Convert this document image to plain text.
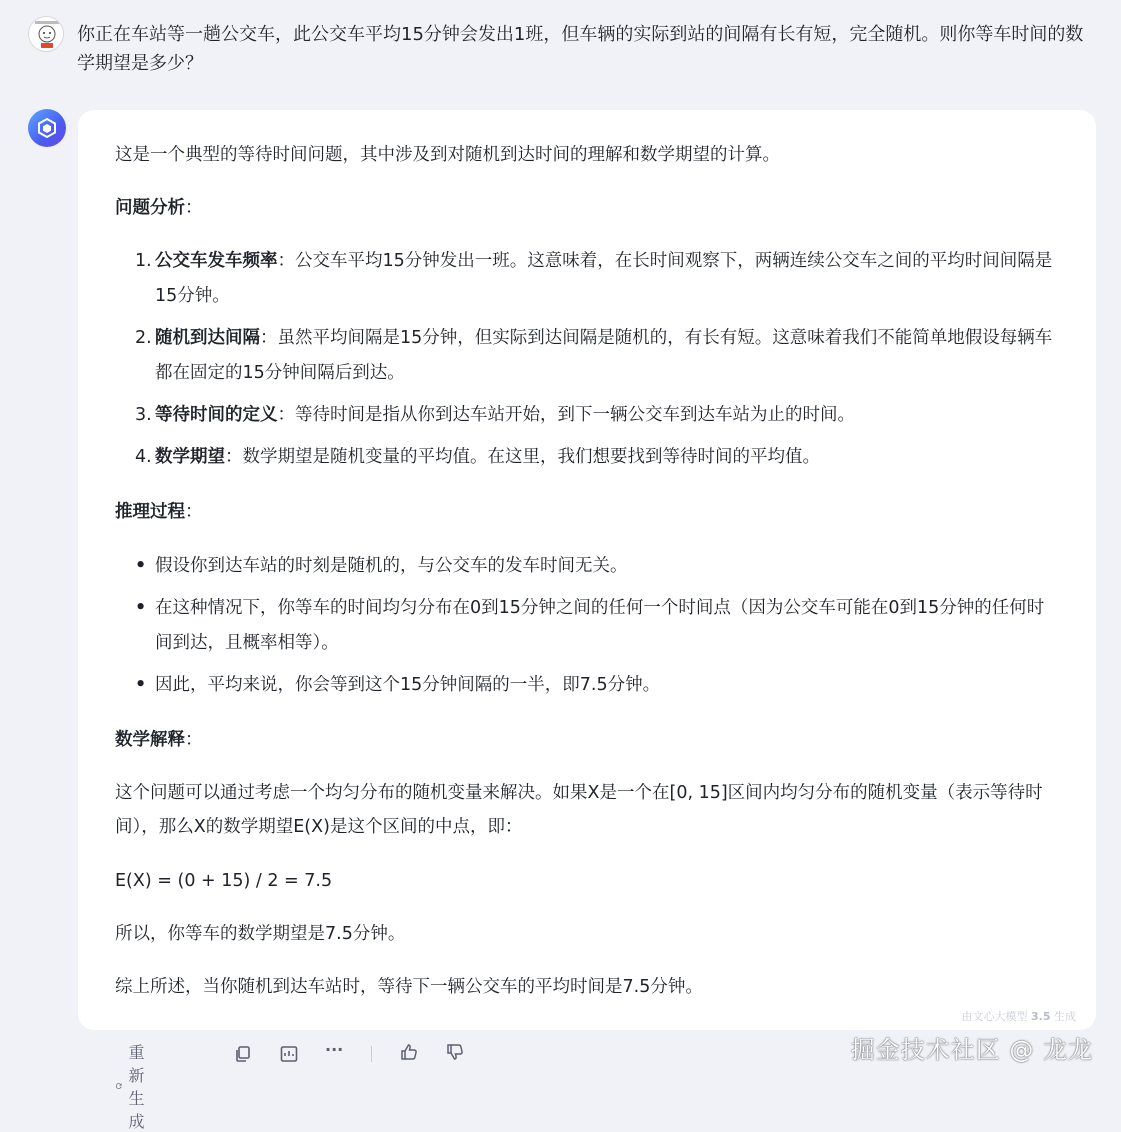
你正在车站等一趟公交车，此公交车平均15分钟会发出1班，但车辆的实际到站的间隔有长有短，完全随机。则你等车时间的数学期望是多少？
这是一个典型的等待时间问题，其中涉及到对随机到达时间的理解和数学期望的计算。
问题分析：
1. 公交车发车频率：公交车平均15分钟发出一班。这意味着，在长时间观察下，两辆连续公交车之间的平均时间间隔是15分钟。
2. 随机到达间隔：虽然平均间隔是15分钟，但实际到达间隔是随机的，有长有短。这意味着我们不能简单地假设每辆车都在固定的15分钟间隔后到达。
3. 等待时间的定义：等待时间是指从你到达车站开始，到下一辆公交车到达车站为止的时间。
4. 数学期望：数学期望是随机变量的平均值。在这里，我们想要找到等待时间的平均值。
推理过程：
• 假设你到达车站的时刻是随机的，与公交车的发车时间无关。
• 在这种情况下，你等车的时间均匀分布在0到15分钟之间的任何一个时间点（因为公交车可能在0到15分钟的任何时间到达，且概率相等）。
• 因此，平均来说，你会等到这个15分钟间隔的一半，即7.5分钟。
数学解释：
这个问题可以通过考虑一个均匀分布的随机变量来解决。如果X是一个在[0, 15]区间内均匀分布的随机变量（表示等待时间），那么X的数学期望E(X)是这个区间的中点，即：
E(X) = (0 + 15) / 2 = 7.5
所以，你等车的数学期望是7.5分钟。
综上所述，当你随机到达车站时，等待下一辆公交车的平均时间是7.5分钟。
由文心大模型 3.5 生成
重新生成
···	掘金技术社区 @ 龙龙
